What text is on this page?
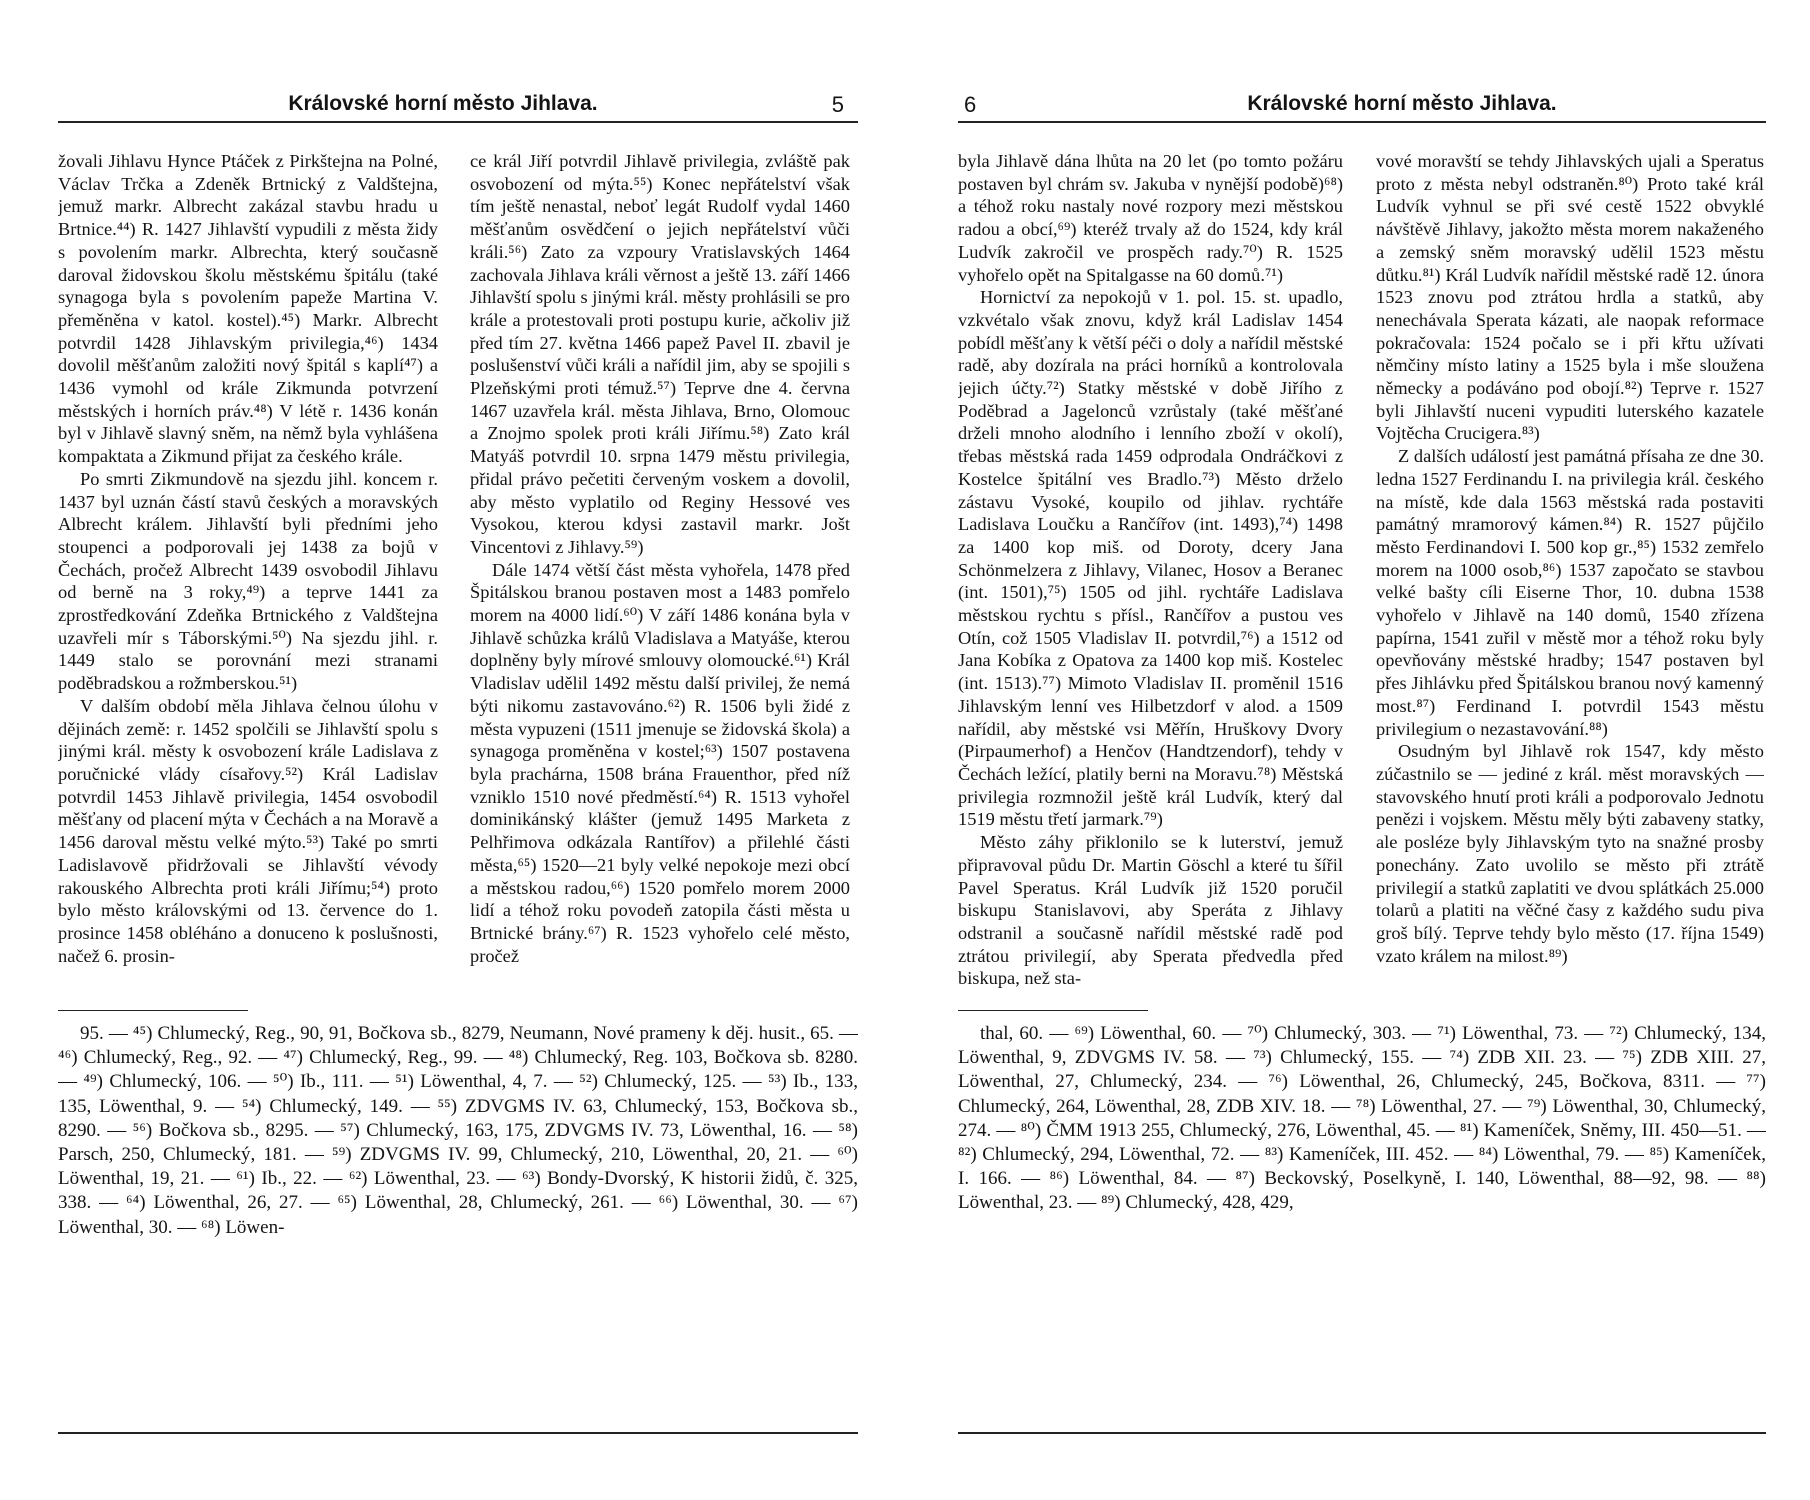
Královské horní město Jihlava.	5

žovali Jihlavu Hynce Ptáček z Pirkštejna na Polné, Václav Trčka a Zdeněk Brtnický z Valdštejna, jemuž markr. Albrecht zakázal stavbu hradu u Brtnice.⁴⁴) R. 1427 Jihlavští vypudili z města židy s povolením markr. Albrechta, který současně daroval židovskou školu městskému špitálu (také synagoga byla s povolením papeže Martina V. přeměněna v katol. kostel).⁴⁵) Markr. Albrecht potvrdil 1428 Jihlavským privilegia,⁴⁶) 1434 dovolil měšťanům založiti nový špitál s kaplí⁴⁷) a 1436 vymohl od krále Zikmunda potvrzení městských i horních práv.⁴⁸) V létě r. 1436 konán byl v Jihlavě slavný sněm, na němž byla vyhlášena kompaktata a Zikmund přijat za českého krále.

Po smrti Zikmundově na sjezdu jihl. koncem r. 1437 byl uznán částí stavů českých a moravských Albrecht králem. Jihlavští byli předními jeho stoupenci a podporovali jej 1438 za bojů v Čechách, pročež Albrecht 1439 osvobodil Jihlavu od berně na 3 roky,⁴⁹) a teprve 1441 za zprostředkování Zdeňka Brtnického z Valdštejna uzavřeli mír s Táborskými.⁵⁰) Na sjezdu jihl. r. 1449 stalo se porovnání mezi stranami poděbradskou a rožmberskou.⁵¹)

V dalším období měla Jihlava čelnou úlohu v dějinách země: r. 1452 spolčili se Jihlavští spolu s jinými král. městy k osvobození krále Ladislava z poručnické vlády císařovy.⁵²) Král Ladislav potvrdil 1453 Jihlavě privilegia, 1454 osvobodil měšťany od placení mýta v Čechách a na Moravě a 1456 daroval městu velké mýto.⁵³) Také po smrti Ladislavově přidržovali se Jihlavští vévody rakouského Albrechta proti králi Jiřímu;⁵⁴) proto bylo město královskými od 13. července do 1. prosince 1458 obléháno a donuceno k poslušnosti, načež 6. prosin-

ce král Jiří potvrdil Jihlavě privilegia, zvláště pak osvobození od mýta.⁵⁵) Konec nepřátelství však tím ještě nenastal, neboť legát Rudolf vydal 1460 měšťanům osvědčení o jejich nepřátelství vůči králi.⁵⁶) Zato za vzpoury Vratislavských 1464 zachovala Jihlava králi věrnost a ještě 13. září 1466 Jihlavští spolu s jinými král. městy prohlásili se pro krále a protestovali proti postupu kurie, ačkoliv již před tím 27. května 1466 papež Pavel II. zbavil je poslušenství vůči králi a nařídil jim, aby se spojili s Plzeňskými proti témuž.⁵⁷) Teprve dne 4. června 1467 uzavřela král. města Jihlava, Brno, Olomouc a Znojmo spolek proti králi Jiřímu.⁵⁸) Zato král Matyáš potvrdil 10. srpna 1479 městu privilegia, přidal právo pečetiti červeným voskem a dovolil, aby město vyplatilo od Reginy Hessové ves Vysokou, kterou kdysi zastavil markr. Jošt Vincentovi z Jihlavy.⁵⁹)

Dále 1474 větší část města vyhořela, 1478 před Špitálskou branou postaven most a 1483 pomřelo morem na 4000 lidí.⁶⁰) V září 1486 konána byla v Jihlavě schůzka králů Vladislava a Matyáše, kterou doplněny byly mírové smlouvy olomoucké.⁶¹) Král Vladislav udělil 1492 městu další privilej, že nemá býti nikomu zastavováno.⁶²) R. 1506 byli židé z města vypuzeni (1511 jmenuje se židovská škola) a synagoga proměněna v kostel;⁶³) 1507 postavena byla prachárna, 1508 brána Frauenthor, před níž vzniklo 1510 nové předměstí.⁶⁴) R. 1513 vyhořel dominikánský klášter (jemuž 1495 Marketa z Pelhřimova odkázala Rantířov) a přilehlé části města,⁶⁵) 1520—21 byly velké nepokoje mezi obcí a městskou radou,⁶⁶) 1520 pomřelo morem 2000 lidí a téhož roku povodeň zatopila části města u Brtnické brány.⁶⁷) R. 1523 vyhořelo celé město, pročež

95. — ⁴⁵) Chlumecký, Reg., 90, 91, Bočkova sb., 8279, Neumann, Nové prameny k děj. husit., 65. — ⁴⁶) Chlumecký, Reg., 92. — ⁴⁷) Chlumecký, Reg., 99. — ⁴⁸) Chlumecký, Reg. 103, Bočkova sb. 8280. — ⁴⁹) Chlumecký, 106. — ⁵⁰) Ib., 111. — ⁵¹) Löwenthal, 4, 7. — ⁵²) Chlumecký, 125. — ⁵³) Ib., 133, 135, Löwenthal, 9. — ⁵⁴) Chlumecký, 149. — ⁵⁵) ZDVGMS IV. 63, Chlumecký, 153, Bočkova sb., 8290. — ⁵⁶) Bočkova sb., 8295. — ⁵⁷) Chlumecký, 163, 175, ZDVGMS IV. 73, Löwenthal, 16. — ⁵⁸) Parsch, 250, Chlumecký, 181. — ⁵⁹) ZDVGMS IV. 99, Chlumecký, 210, Löwenthal, 20, 21. — ⁶⁰) Löwenthal, 19, 21. — ⁶¹) Ib., 22. — ⁶²) Löwenthal, 23. — ⁶³) Bondy-Dvorský, K historii židů, č. 325, 338. — ⁶⁴) Löwenthal, 26, 27. — ⁶⁵) Löwenthal, 28, Chlumecký, 261. — ⁶⁶) Löwenthal, 30. — ⁶⁷) Löwenthal, 30. — ⁶⁸) Löwen-

6	Královské horní město Jihlava.

byla Jihlavě dána lhůta na 20 let (po tomto požáru postaven byl chrám sv. Jakuba v nynější podobě)⁶⁸) a téhož roku nastaly nové rozpory mezi městskou radou a obcí,⁶⁹) kteréž trvaly až do 1524, kdy král Ludvík zakročil ve prospěch rady.⁷⁰) R. 1525 vyhořelo opět na Spitalgasse na 60 domů.⁷¹)

Hornictví za nepokojů v 1. pol. 15. st. upadlo, vzkvétalo však znovu, když král Ladislav 1454 pobídl měšťany k větší péči o doly a nařídil městské radě, aby dozírala na práci horníků a kontrolovala jejich účty.⁷²) Statky městské v době Jiřího z Poděbrad a Jagelonců vzrůstaly (také měšťané drželi mnoho alodního i lenního zboží v okolí), třebas městská rada 1459 odprodala Ondráčkovi z Kostelce špitální ves Bradlo.⁷³) Město drželo zástavu Vysoké, koupilo od jihlav. rychtáře Ladislava Loučku a Rančířov (int. 1493),⁷⁴) 1498 za 1400 kop miš. od Doroty, dcery Jana Schönmelzera z Jihlavy, Vilanec, Hosov a Beranec (int. 1501),⁷⁵) 1505 od jihl. rychtáře Ladislava městskou rychtu s přísl., Rančířov a pustou ves Otín, což 1505 Vladislav II. potvrdil,⁷⁶) a 1512 od Jana Kobíka z Opatova za 1400 kop miš. Kostelec (int. 1513).⁷⁷) Mimoto Vladislav II. proměnil 1516 Jihlavským lenní ves Hilbetzdorf v alod. a 1509 nařídil, aby městské vsi Měřín, Hruškovy Dvory (Pirpaumerhof) a Henčov (Handtzendorf), tehdy v Čechách ležící, platily berni na Moravu.⁷⁸) Městská privilegia rozmnožil ještě král Ludvík, který dal 1519 městu třetí jarmark.⁷⁹)

Město záhy přiklonilo se k luterství, jemuž připravoval půdu Dr. Martin Göschl a které tu šířil Pavel Speratus. Král Ludvík již 1520 poručil biskupu Stanislavovi, aby Speráta z Jihlavy odstranil a současně nařídil městské radě pod ztrátou privilegií, aby Sperata předvedla před biskupa, než sta-

vové moravští se tehdy Jihlavských ujali a Speratus proto z města nebyl odstraněn.⁸⁰) Proto také král Ludvík vyhnul se při své cestě 1522 obvyklé návštěvě Jihlavy, jakožto města morem nakaženého a zemský sněm moravský udělil 1523 městu důtku.⁸¹) Král Ludvík nařídil městské radě 12. února 1523 znovu pod ztrátou hrdla a statků, aby nenechávala Sperata kázati, ale naopak reformace pokračovala: 1524 počalo se i při křtu užívati němčiny místo latiny a 1525 byla i mše sloužena německy a podáváno pod obojí.⁸²) Teprve r. 1527 byli Jihlavští nuceni vypuditi luterského kazatele Vojtěcha Crucigera.⁸³)

Z dalších událostí jest památná přísaha ze dne 30. ledna 1527 Ferdinandu I. na privilegia král. českého na místě, kde dala 1563 městská rada postaviti památný mramorový kámen.⁸⁴) R. 1527 půjčilo město Ferdinandovi I. 500 kop gr.,⁸⁵) 1532 zemřelo morem na 1000 osob,⁸⁶) 1537 započato se stavbou velké bašty cíli Eiserne Thor, 10. dubna 1538 vyhořelo v Jihlavě na 140 domů, 1540 zřízena papírna, 1541 zuřil v městě mor a téhož roku byly opevňovány městské hradby; 1547 postaven byl přes Jihlávku před Špitálskou branou nový kamenný most.⁸⁷) Ferdinand I. potvrdil 1543 městu privilegium o nezastavování.⁸⁸)

Osudným byl Jihlavě rok 1547, kdy město zúčastnilo se — jediné z král. měst moravských — stavovského hnutí proti králi a podporovalo Jednotu penězi i vojskem. Městu měly býti zabaveny statky, ale posléze byly Jihlavským tyto na snažné prosby ponechány. Zato uvolilo se město při ztrátě privilegií a statků zaplatiti ve dvou splátkách 25.000 tolarů a platiti na věčné časy z každého sudu piva groš bílý. Teprve tehdy bylo město (17. října 1549) vzato králem na milost.⁸⁹)

thal, 60. — ⁶⁹) Löwenthal, 60. — ⁷⁰) Chlumecký, 303. — ⁷¹) Löwenthal, 73. — ⁷²) Chlumecký, 134, Löwenthal, 9, ZDVGMS IV. 58. — ⁷³) Chlumecký, 155. — ⁷⁴) ZDB XII. 23. — ⁷⁵) ZDB XIII. 27, Löwenthal, 27, Chlumecký, 234. — ⁷⁶) Löwenthal, 26, Chlumecký, 245, Bočkova, 8311. — ⁷⁷) Chlumecký, 264, Löwenthal, 28, ZDB XIV. 18. — ⁷⁸) Löwenthal, 27. — ⁷⁹) Löwenthal, 30, Chlumecký, 274. — ⁸⁰) ČMM 1913 255, Chlumecký, 276, Löwenthal, 45. — ⁸¹) Kameníček, Sněmy, III. 450—51. — ⁸²) Chlumecký, 294, Löwenthal, 72. — ⁸³) Kameníček, III. 452. — ⁸⁴) Löwenthal, 79. — ⁸⁵) Kameníček, I. 166. — ⁸⁶) Löwenthal, 84. — ⁸⁷) Beckovský, Poselkyně, I. 140, Löwenthal, 88—92, 98. — ⁸⁸) Löwenthal, 23. — ⁸⁹) Chlumecký, 428, 429,
